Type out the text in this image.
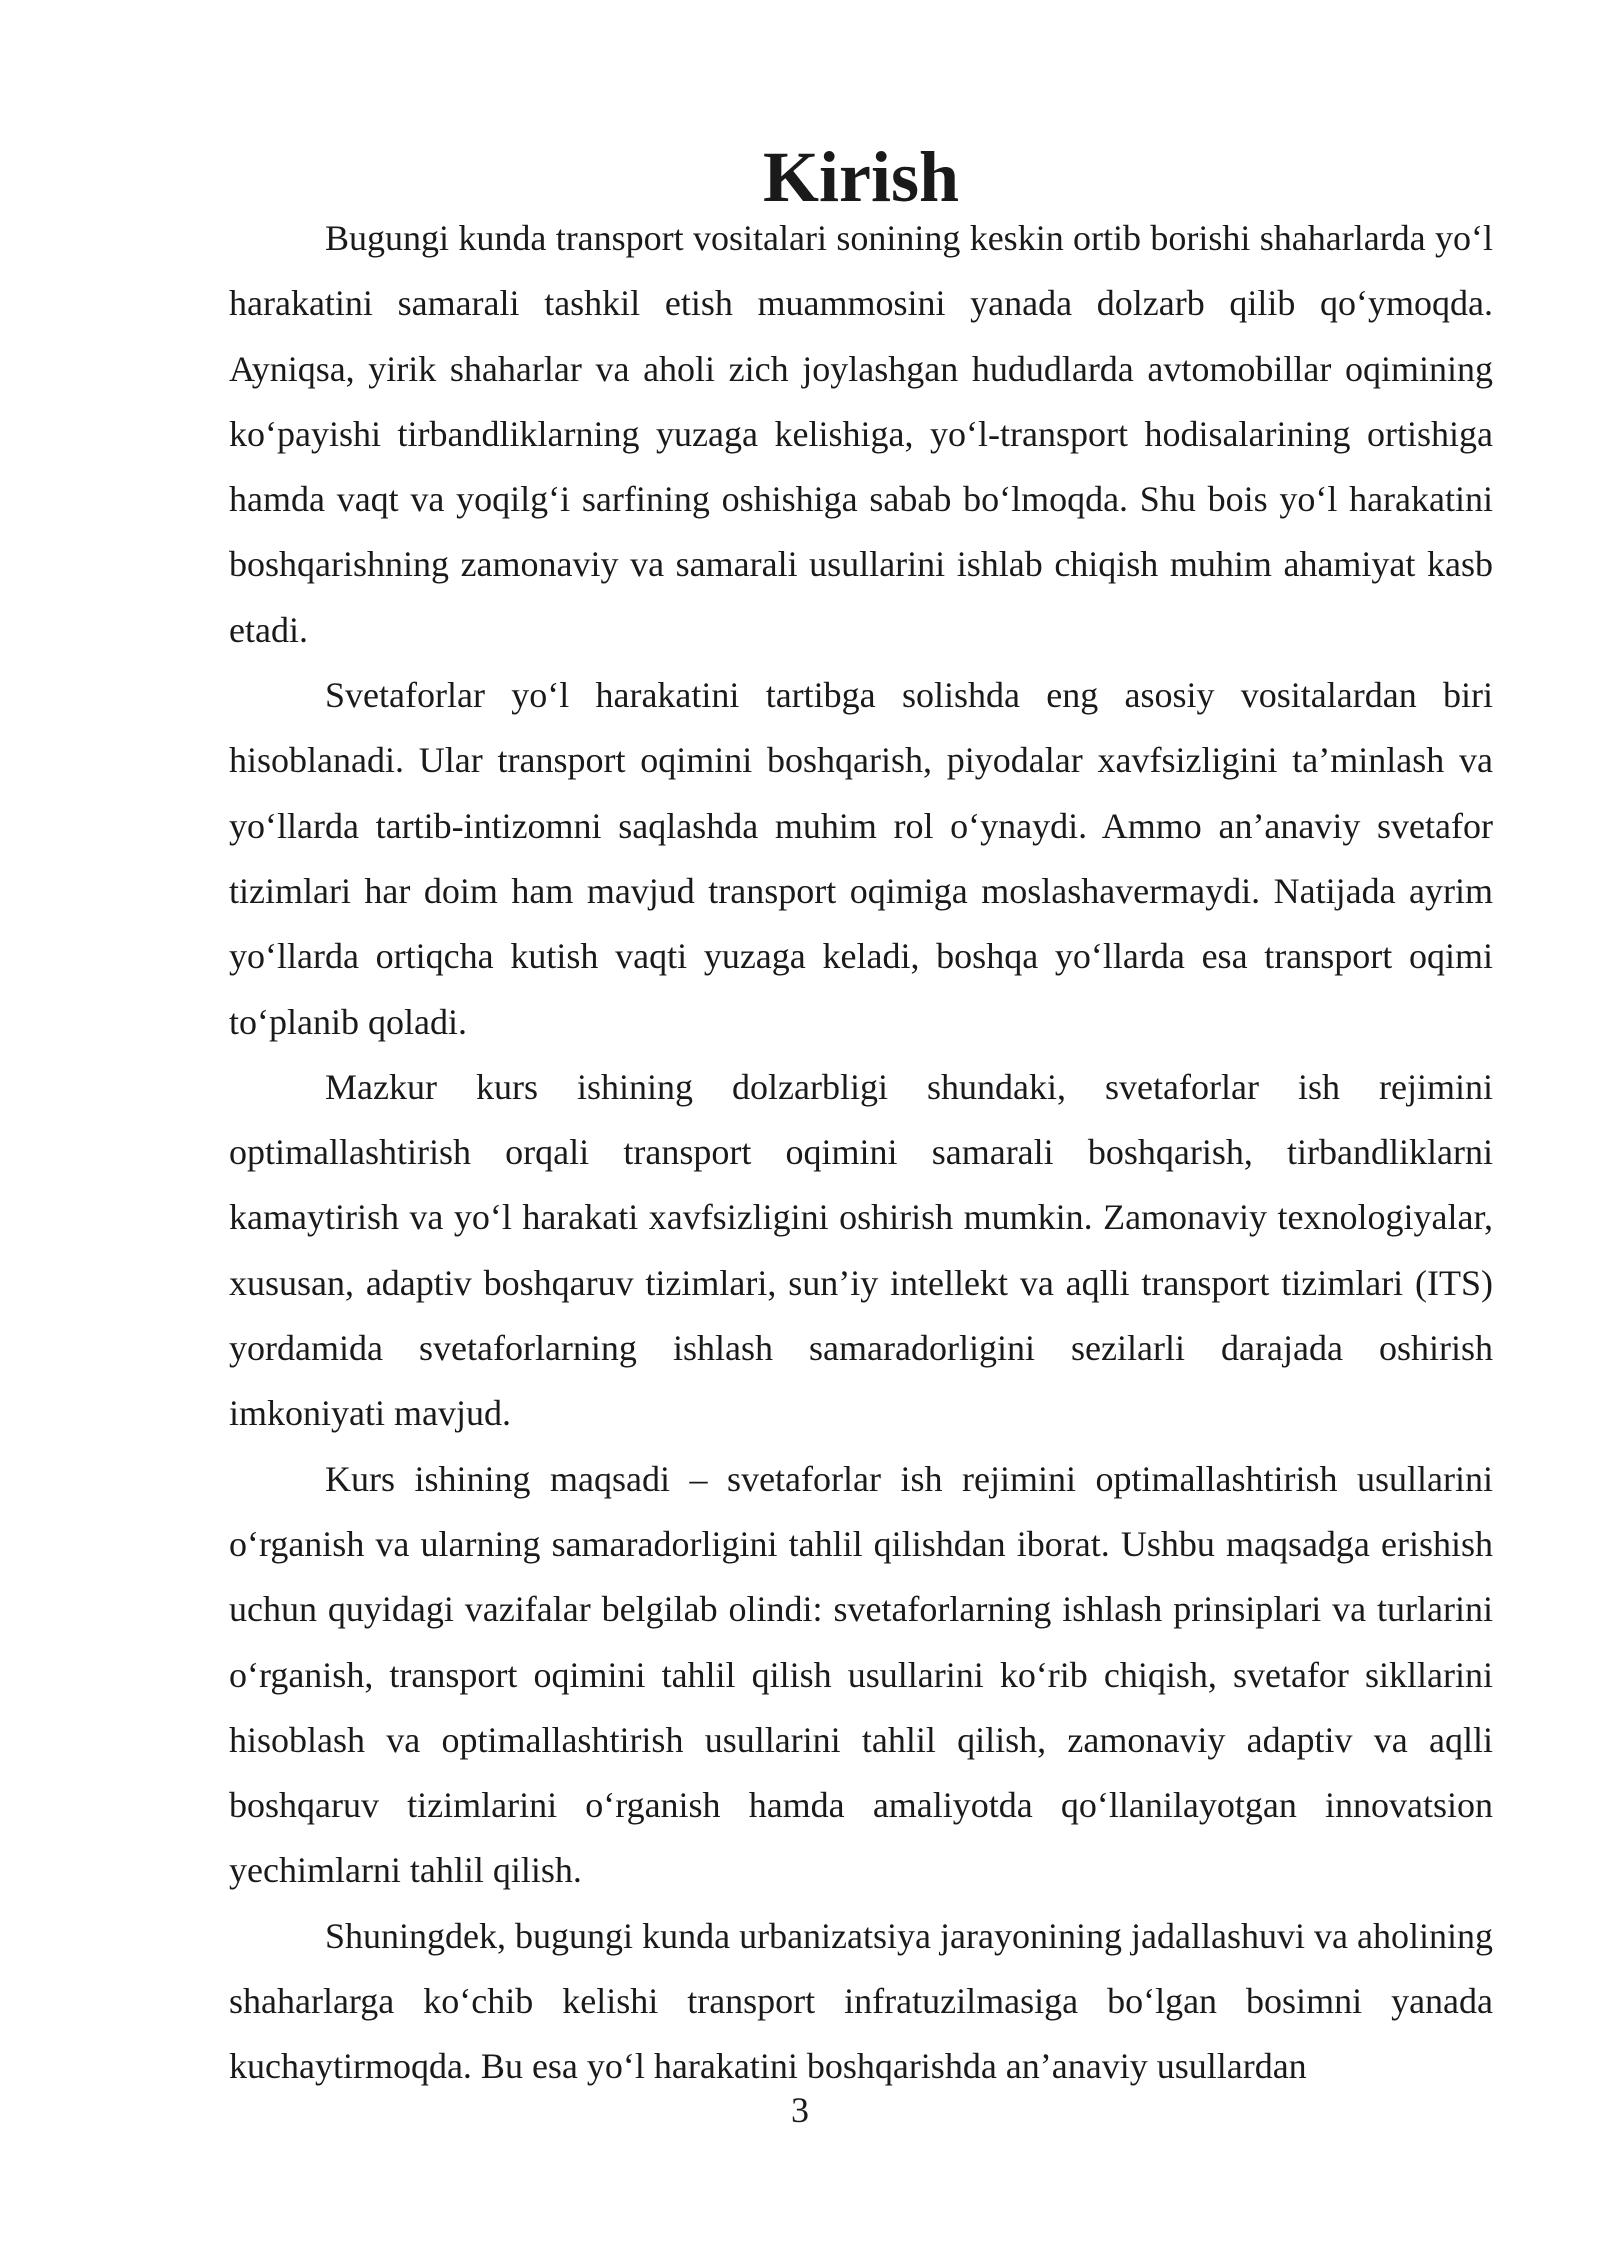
Kirish

Bugungi kunda transport vositalari sonining keskin ortib borishi shaharlarda yo‘l harakatini samarali tashkil etish muammosini yanada dolzarb qilib qo‘ymoqda. Ayniqsa, yirik shaharlar va aholi zich joylashgan hududlarda avtomobillar oqimining ko‘payishi tirbandliklarning yuzaga kelishiga, yo‘l-transport hodisalarining ortishiga hamda vaqt va yoqilg‘i sarfining oshishiga sabab bo‘lmoqda. Shu bois yo‘l harakatini boshqarishning zamonaviy va samarali usullarini ishlab chiqish muhim ahamiyat kasb etadi.

Svetaforlar yo‘l harakatini tartibga solishda eng asosiy vositalardan biri hisoblanadi. Ular transport oqimini boshqarish, piyodalar xavfsizligini ta’minlash va yo‘llarda tartib-intizomni saqlashda muhim rol o‘ynaydi. Ammo an’anaviy svetafor tizimlari har doim ham mavjud transport oqimiga moslashavermaydi. Natijada ayrim yo‘llarda ortiqcha kutish vaqti yuzaga keladi, boshqa yo‘llarda esa transport oqimi to‘planib qoladi.

Mazkur kurs ishining dolzarbligi shundaki, svetaforlar ish rejimini optimallashtirish orqali transport oqimini samarali boshqarish, tirbandliklarni kamaytirish va yo‘l harakati xavfsizligini oshirish mumkin. Zamonaviy texnologiyalar, xususan, adaptiv boshqaruv tizimlari, sun’iy intellekt va aqlli transport tizimlari (ITS) yordamida svetaforlarning ishlash samaradorligini sezilarli darajada oshirish imkoniyati mavjud.

Kurs ishining maqsadi – svetaforlar ish rejimini optimallashtirish usullarini o‘rganish va ularning samaradorligini tahlil qilishdan iborat. Ushbu maqsadga erishish uchun quyidagi vazifalar belgilab olindi: svetaforlarning ishlash prinsiplari va turlarini o‘rganish, transport oqimini tahlil qilish usullarini ko‘rib chiqish, svetafor sikllarini hisoblash va optimallashtirish usullarini tahlil qilish, zamonaviy adaptiv va aqlli boshqaruv tizimlarini o‘rganish hamda amaliyotda qo‘llanilayotgan innovatsion yechimlarni tahlil qilish.

Shuningdek, bugungi kunda urbanizatsiya jarayonining jadallashuvi va aholining shaharlarga ko‘chib kelishi transport infratuzilmasiga bo‘lgan bosimni yanada kuchaytirmoqda. Bu esa yo‘l harakatini boshqarishda an’anaviy usullardan

3
